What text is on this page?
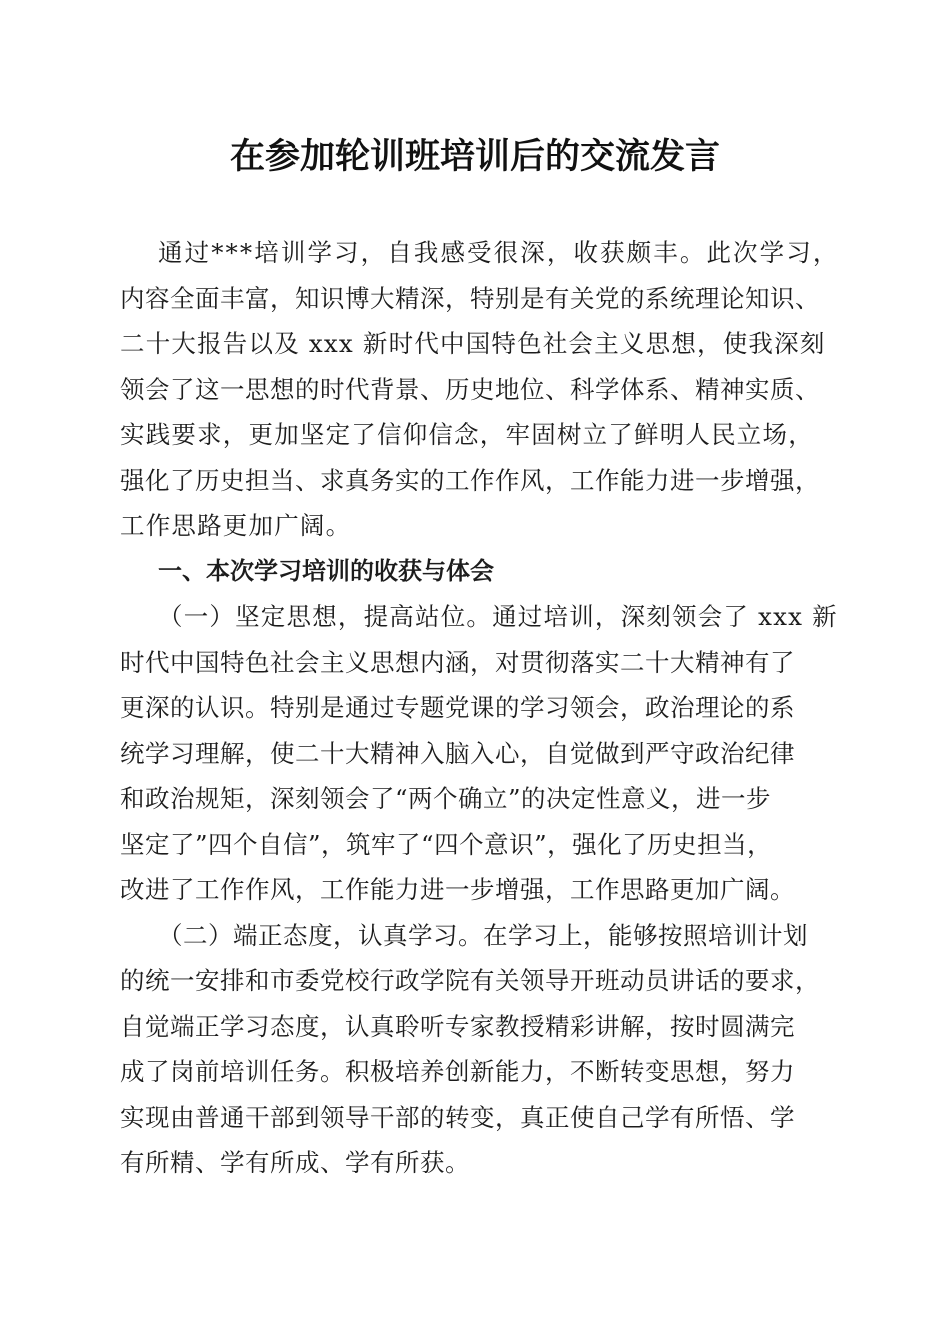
在参加轮训班培训后的交流发言
通过***培训学习，自我感受很深，收获颇丰。此次学习，
内容全面丰富，知识博大精深，特别是有关党的系统理论知识、
二十大报告以及 xxx 新时代中国特色社会主义思想，使我深刻
领会了这一思想的时代背景、历史地位、科学体系、精神实质、
实践要求，更加坚定了信仰信念，牢固树立了鲜明人民立场，
强化了历史担当、求真务实的工作作风，工作能力进一步增强，
工作思路更加广阔。
一、本次学习培训的收获与体会
（一）坚定思想，提高站位。通过培训，深刻领会了 xxx 新
时代中国特色社会主义思想内涵，对贯彻落实二十大精神有了
更深的认识。特别是通过专题党课的学习领会，政治理论的系
统学习理解，使二十大精神入脑入心，自觉做到严守政治纪律
和政治规矩，深刻领会了“两个确立”的决定性意义，进一步
坚定了”四个自信”，筑牢了“四个意识”，强化了历史担当，
改进了工作作风，工作能力进一步增强，工作思路更加广阔。
（二）端正态度，认真学习。在学习上，能够按照培训计划
的统一安排和市委党校行政学院有关领导开班动员讲话的要求，
自觉端正学习态度，认真聆听专家教授精彩讲解，按时圆满完
成了岗前培训任务。积极培养创新能力，不断转变思想，努力
实现由普通干部到领导干部的转变，真正使自己学有所悟、学
有所精、学有所成、学有所获。
